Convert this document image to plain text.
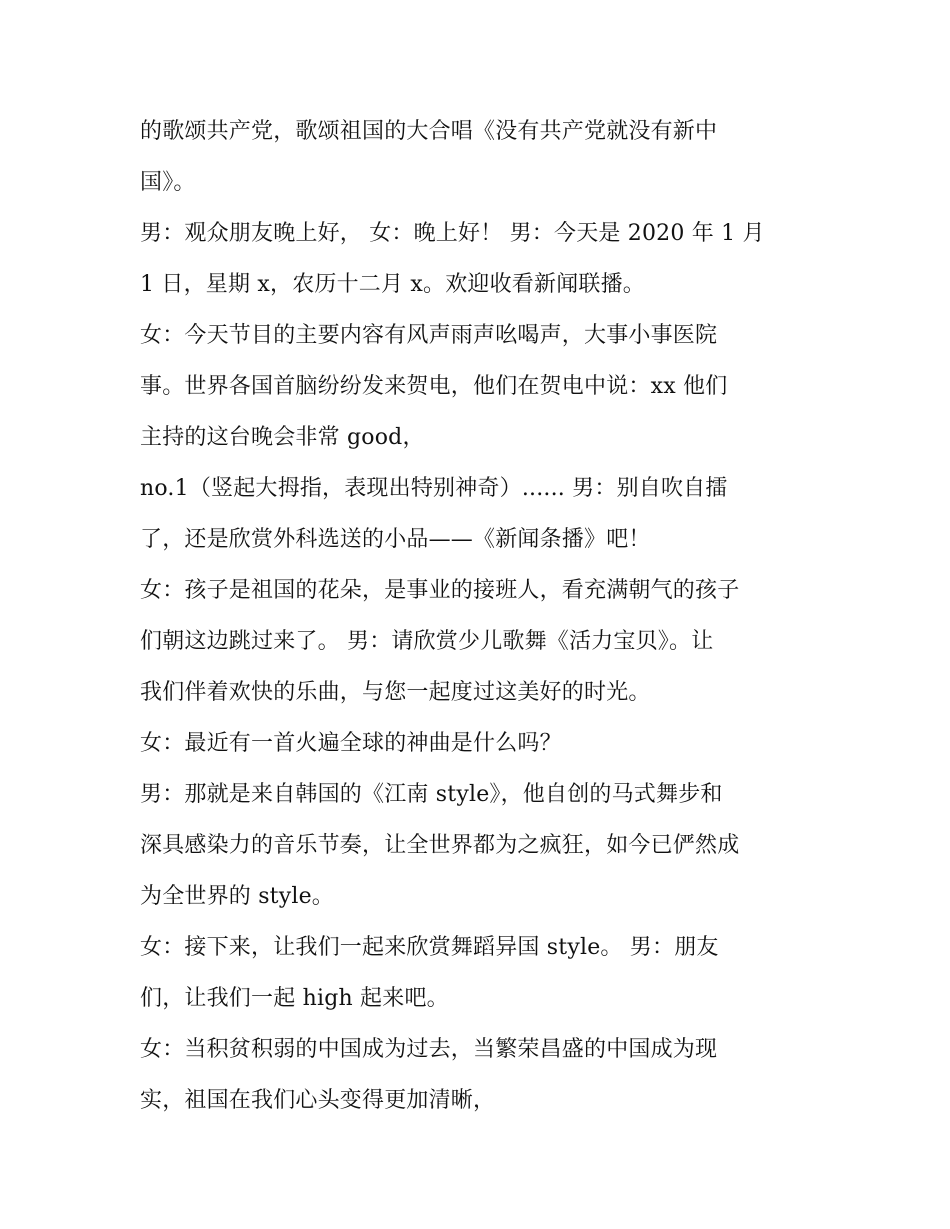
的歌颂共产党，歌颂祖国的大合唱《没有共产党就没有新中
国》。
男：观众朋友晚上好， 女：晚上好！ 男：今天是 2020 年 1 月
1 日，星期 x，农历十二月 x。欢迎收看新闻联播。
女：今天节目的主要内容有风声雨声吆喝声，大事小事医院
事。世界各国首脑纷纷发来贺电，他们在贺电中说：xx 他们
主持的这台晚会非常 good，
no.1（竖起大拇指，表现出特别神奇）...... 男：别自吹自擂
了，还是欣赏外科选送的小品——《新闻条播》吧！
女：孩子是祖国的花朵，是事业的接班人，看充满朝气的孩子
们朝这边跳过来了。 男：请欣赏少儿歌舞《活力宝贝》。让
我们伴着欢快的乐曲，与您一起度过这美好的时光。
女：最近有一首火遍全球的神曲是什么吗？
男：那就是来自韩国的《江南 style》，他自创的马式舞步和
深具感染力的音乐节奏，让全世界都为之疯狂，如今已俨然成
为全世界的 style。
女：接下来，让我们一起来欣赏舞蹈异国 style。 男：朋友
们，让我们一起 high 起来吧。
女：当积贫积弱的中国成为过去，当繁荣昌盛的中国成为现
实，祖国在我们心头变得更加清晰，
